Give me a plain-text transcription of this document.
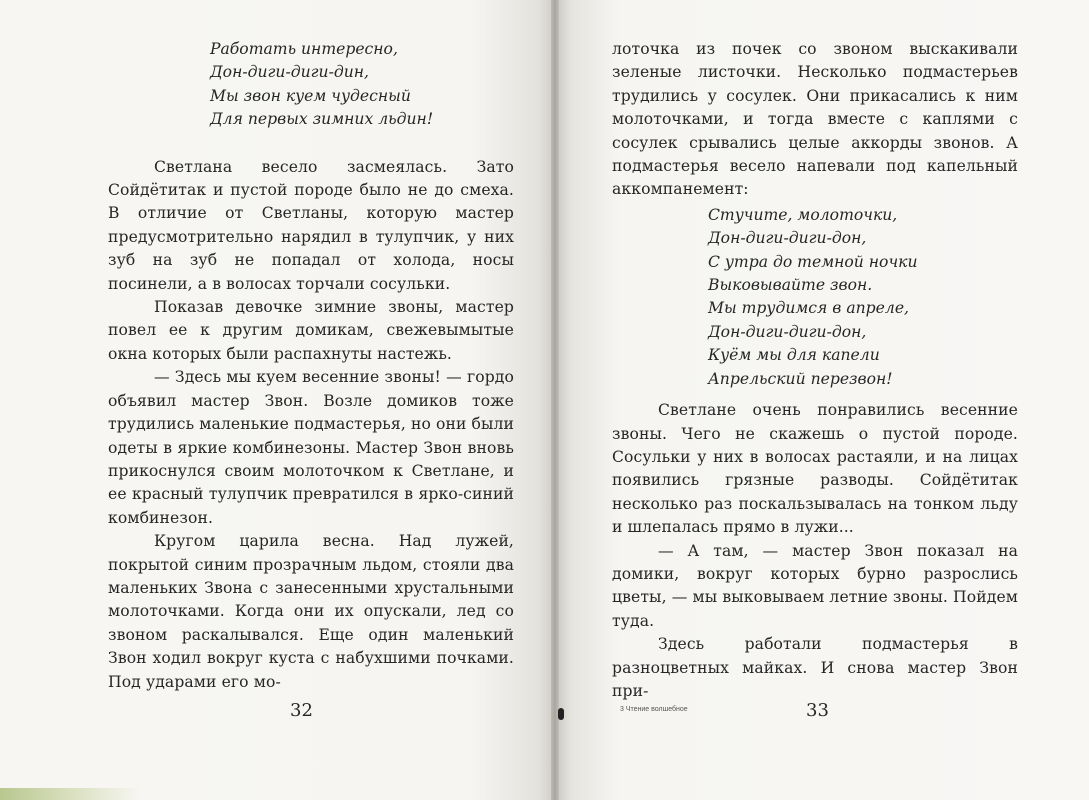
Работать интересно,
Дон-диги-диги-дин,
Мы звон куем чудесный
Для первых зимних льдин!

Светлана весело засмеялась. Зато Сойдётитак и пустой породе было не до смеха. В отличие от Светланы, которую мастер предусмотрительно нарядил в тулупчик, у них зуб на зуб не попадал от холода, носы посинели, а в волосах торчали сосульки.

Показав девочке зимние звоны, мастер повел ее к другим домикам, свежевымытые окна которых были распахнуты настежь.

— Здесь мы куем весенние звоны! — гордо объявил мастер Звон. Возле домиков тоже трудились маленькие подмастерья, но они были одеты в яркие комбинезоны. Мастер Звон вновь прикоснулся своим молоточком к Светлане, и ее красный тулупчик превратился в ярко-синий комбинезон.

Кругом царила весна. Над лужей, покрытой синим прозрачным льдом, стояли два маленьких Звона с занесенными хрустальными молоточками. Когда они их опускали, лед со звоном раскалывался. Еще один маленький Звон ходил вокруг куста с набухшими почками. Под ударами его мо-

32

лоточка из почек со звоном выскакивали зеленые листочки. Несколько подмастерьев трудились у сосулек. Они прикасались к ним молоточками, и тогда вместе с каплями с сосулек срывались целые аккорды звонов. А подмастерья весело напевали под капельный аккомпанемент:

Стучите, молоточки,
Дон-диги-диги-дон,
С утра до темной ночки
Выковывайте звон.
Мы трудимся в апреле,
Дон-диги-диги-дон,
Куём мы для капели
Апрельский перезвон!

Светлане очень понравились весенние звоны. Чего не скажешь о пустой породе. Сосульки у них в волосах растаяли, и на лицах появились грязные разводы. Сойдётитак несколько раз поскальзывалась на тонком льду и шлепалась прямо в лужи...

— А там, — мастер Звон показал на домики, вокруг которых бурно разрослись цветы, — мы выковываем летние звоны. Пойдем туда.

Здесь работали подмастерья в разноцветных майках. И снова мастер Звон при-

3 Чтение волшебное	33
